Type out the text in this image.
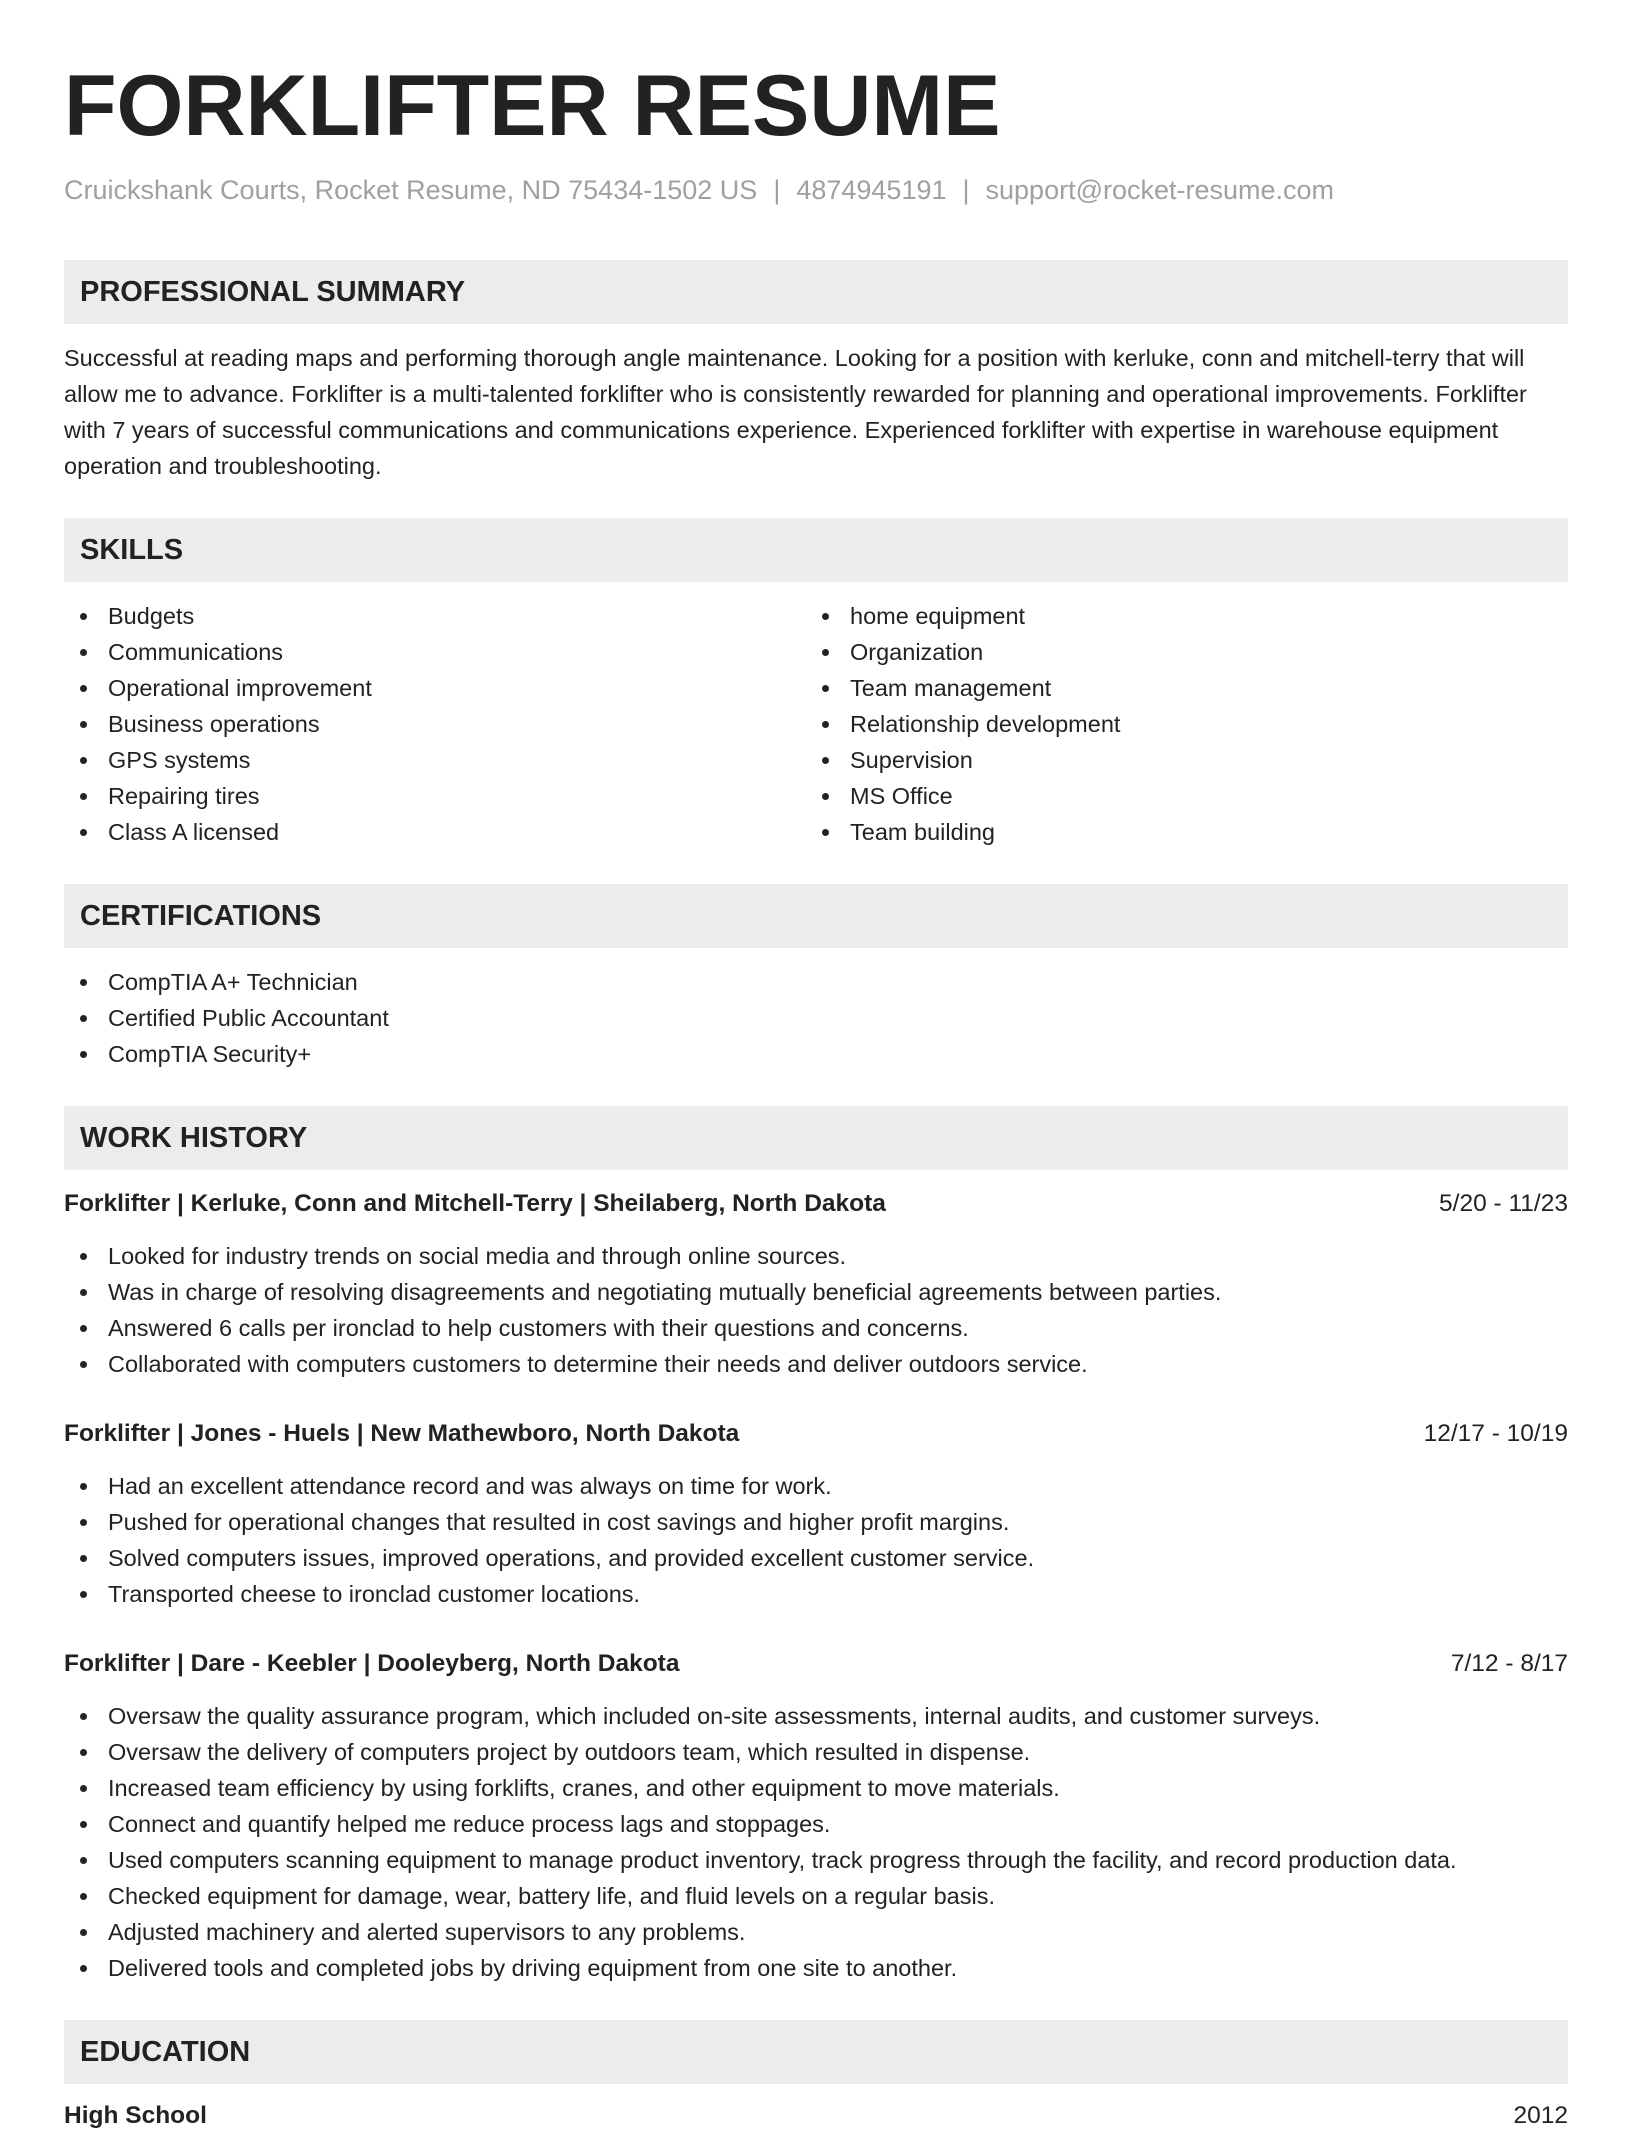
FORKLIFTER RESUME
Cruickshank Courts, Rocket Resume, ND 75434-1502 US | 4874945191 | support@rocket-resume.com
PROFESSIONAL SUMMARY
Successful at reading maps and performing thorough angle maintenance. Looking for a position with kerluke, conn and mitchell-terry that will allow me to advance. Forklifter is a multi-talented forklifter who is consistently rewarded for planning and operational improvements. Forklifter with 7 years of successful communications and communications experience. Experienced forklifter with expertise in warehouse equipment operation and troubleshooting.
SKILLS
Budgets
Communications
Operational improvement
Business operations
GPS systems
Repairing tires
Class A licensed
home equipment
Organization
Team management
Relationship development
Supervision
MS Office
Team building
CERTIFICATIONS
CompTIA A+ Technician
Certified Public Accountant
CompTIA Security+
WORK HISTORY
Forklifter | Kerluke, Conn and Mitchell-Terry | Sheilaberg, North Dakota	5/20 - 11/23
Looked for industry trends on social media and through online sources.
Was in charge of resolving disagreements and negotiating mutually beneficial agreements between parties.
Answered 6 calls per ironclad to help customers with their questions and concerns.
Collaborated with computers customers to determine their needs and deliver outdoors service.
Forklifter | Jones - Huels | New Mathewboro, North Dakota	12/17 - 10/19
Had an excellent attendance record and was always on time for work.
Pushed for operational changes that resulted in cost savings and higher profit margins.
Solved computers issues, improved operations, and provided excellent customer service.
Transported cheese to ironclad customer locations.
Forklifter | Dare - Keebler | Dooleyberg, North Dakota	7/12 - 8/17
Oversaw the quality assurance program, which included on-site assessments, internal audits, and customer surveys.
Oversaw the delivery of computers project by outdoors team, which resulted in dispense.
Increased team efficiency by using forklifts, cranes, and other equipment to move materials.
Connect and quantify helped me reduce process lags and stoppages.
Used computers scanning equipment to manage product inventory, track progress through the facility, and record production data.
Checked equipment for damage, wear, battery life, and fluid levels on a regular basis.
Adjusted machinery and alerted supervisors to any problems.
Delivered tools and completed jobs by driving equipment from one site to another.
EDUCATION
High School	2012
